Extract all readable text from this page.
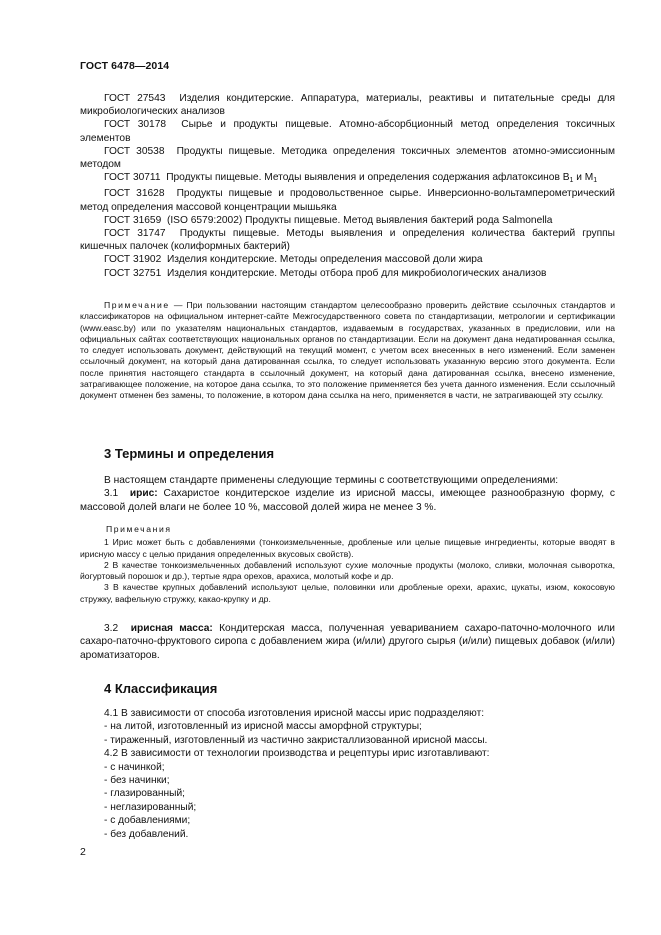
ГОСТ 6478—2014
ГОСТ 27543 Изделия кондитерские. Аппаратура, материалы, реактивы и питательные среды для микробиологических анализов
ГОСТ 30178 Сырье и продукты пищевые. Атомно-абсорбционный метод определения токсичных элементов
ГОСТ 30538 Продукты пищевые. Методика определения токсичных элементов атомно-эмиссионным методом
ГОСТ 30711 Продукты пищевые. Методы выявления и определения содержания афлатоксинов $В_1$ и $М_1$
ГОСТ 31628 Продукты пищевые и продовольственное сырье. Инверсионно-вольтамперометрический метод определения массовой концентрации мышьяка
ГОСТ 31659 (ISO 6579:2002) Продукты пищевые. Метод выявления бактерий рода Salmonella
ГОСТ 31747 Продукты пищевые. Методы выявления и определения количества бактерий группы кишечных палочек (колиформных бактерий)
ГОСТ 31902 Изделия кондитерские. Методы определения массовой доли жира
ГОСТ 32751 Изделия кондитерские. Методы отбора проб для микробиологических анализов
Примечание — При пользовании настоящим стандартом целесообразно проверить действие ссылочных стандартов и классификаторов на официальном интернет-сайте Межгосударственного совета по стандартизации, метрологии и сертификации (www.easc.by) или по указателям национальных стандартов, издаваемым в государствах, указанных в предисловии, или на официальных сайтах соответствующих национальных органов по стандартизации. Если на документ дана недатированная ссылка, то следует использовать документ, действующий на текущий момент, с учетом всех внесенных в него изменений. Если заменен ссылочный документ, на который дана датированная ссылка, то следует использовать указанную версию этого документа. Если после принятия настоящего стандарта в ссылочный документ, на который дана датированная ссылка, внесено изменение, затрагивающее положение, на которое дана ссылка, то это положение применяется без учета данного изменения. Если ссылочный документ отменен без замены, то положение, в котором дана ссылка на него, применяется в части, не затрагивающей эту ссылку.
3 Термины и определения
В настоящем стандарте применены следующие термины с соответствующими определениями:
3.1 ирис: Сахаристое кондитерское изделие из ирисной массы, имеющее разнообразную форму, с массовой долей влаги не более 10 %, массовой долей жира не менее 3 %.
Примечания
1 Ирис может быть с добавлениями (тонкоизмельченные, дробленые или целые пищевые ингредиенты, которые вводят в ирисную массу с целью придания определенных вкусовых свойств).
2 В качестве тонкоизмельченных добавлений используют сухие молочные продукты (молоко, сливки, молочная сыворотка, йогуртовый порошок и др.), тертые ядра орехов, арахиса, молотый кофе и др.
3 В качестве крупных добавлений используют целые, половинки или дробленые орехи, арахис, цукаты, изюм, кокосовую стружку, вафельную стружку, какао-крупку и др.
3.2 ирисная масса: Кондитерская масса, полученная уевариванием сахаро-паточно-молочного или сахаро-паточно-фруктового сиропа с добавлением жира (и/или) другого сырья (и/или) пищевых добавок (и/или) ароматизаторов.
4 Классификация
4.1 В зависимости от способа изготовления ирисной массы ирис подразделяют:
- на литой, изготовленный из ирисной массы аморфной структуры;
- тираженный, изготовленный из частично закристаллизованной ирисной массы.
4.2 В зависимости от технологии производства и рецептуры ирис изготавливают:
- с начинкой;
- без начинки;
- глазированный;
- неглазированный;
- с добавлениями;
- без добавлений.
2
